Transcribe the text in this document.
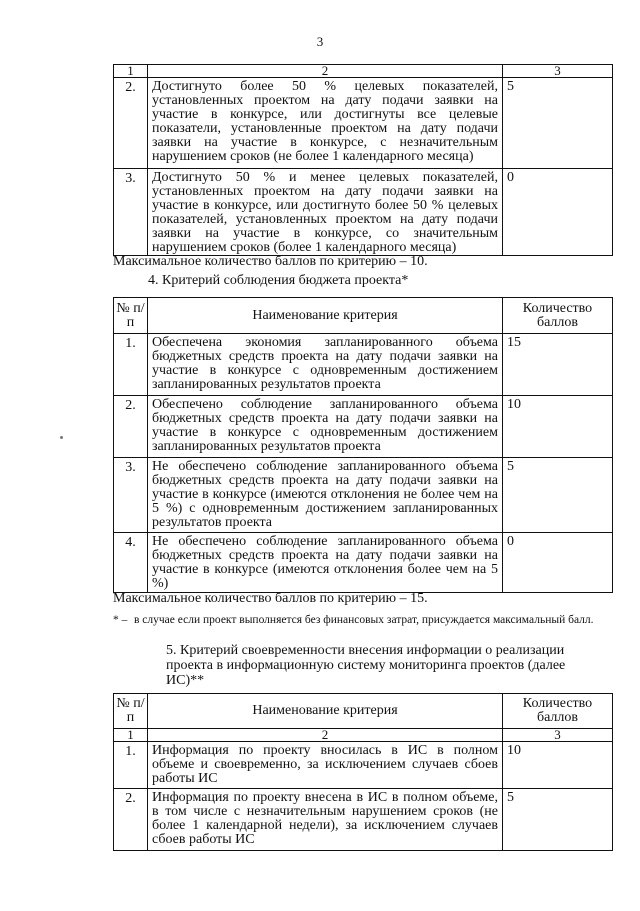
3
1	2	3
2.	Достигнуто более 50 % целевых показателей, установленных проектом на дату подачи заявки на участие в конкурсе, или достигнуты все целевые показатели, установленные проектом на дату подачи заявки на участие в конкурсе, с незначительным нарушением сроков (не более 1 календарного месяца)	5
3.	Достигнуто 50 % и менее целевых показателей, установленных проектом на дату подачи заявки на участие в конкурсе, или достигнуто более 50 % целевых показателей, установленных проектом на дату подачи заявки на участие в конкурсе, со значительным нарушением сроков (более 1 календарного месяца)	0
Максимальное количество баллов по критерию – 10.
4. Критерий соблюдения бюджета проекта*
№ п/п	Наименование критерия	Количество баллов
1.	Обеспечена экономия запланированного объема бюджетных средств проекта на дату подачи заявки на участие в конкурсе с одновременным достижением запланированных результатов проекта	15
2.	Обеспечено соблюдение запланированного объема бюджетных средств проекта на дату подачи заявки на участие в конкурсе с одновременным достижением запланированных результатов проекта	10
3.	Не обеспечено соблюдение запланированного объема бюджетных средств проекта на дату подачи заявки на участие в конкурсе (имеются отклонения не более чем на 5 %) с одновременным достижением запланированных результатов проекта	5
4.	Не обеспечено соблюдение запланированного объема бюджетных средств проекта на дату подачи заявки на участие в конкурсе (имеются отклонения более чем на 5 %)	0
Максимальное количество баллов по критерию – 15.
* – в случае если проект выполняется без финансовых затрат, присуждается максимальный балл.
5. Критерий своевременности внесения информации о реализации проекта в информационную систему мониторинга проектов (далее ИС)**
№ п/п	Наименование критерия	Количество баллов
1	2	3
1.	Информация по проекту вносилась в ИС в полном объеме и своевременно, за исключением случаев сбоев работы ИС	10
2.	Информация по проекту внесена в ИС в полном объеме, в том числе с незначительным нарушением сроков (не более 1 календарной недели), за исключением случаев сбоев работы ИС	5
